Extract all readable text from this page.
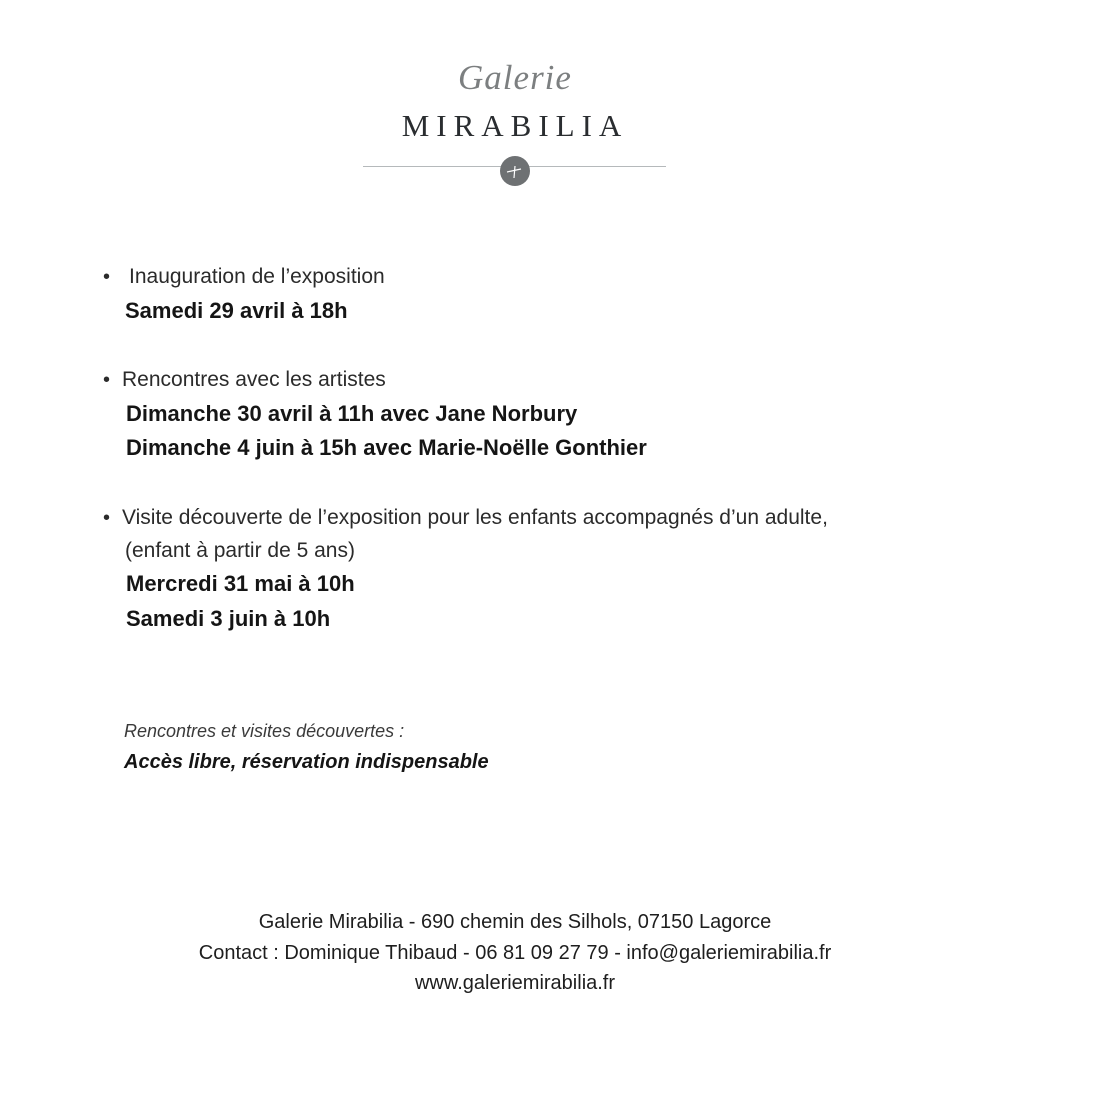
Galerie
MIRABILIA
• Inauguration de l’exposition
Samedi 29 avril à 18h
• Rencontres avec les artistes
Dimanche 30 avril à 11h avec Jane Norbury
Dimanche 4 juin à 15h avec Marie-Noëlle Gonthier
• Visite découverte de l’exposition pour les enfants accompagnés d’un adulte,
(enfant à partir de 5 ans)
Mercredi 31 mai à 10h
Samedi 3 juin à 10h
Rencontres et visites découvertes :
Accès libre, réservation indispensable
Galerie Mirabilia - 690 chemin des Silhols, 07150 Lagorce
Contact : Dominique Thibaud - 06 81 09 27 79 - info@galeriemirabilia.fr
www.galeriemirabilia.fr
